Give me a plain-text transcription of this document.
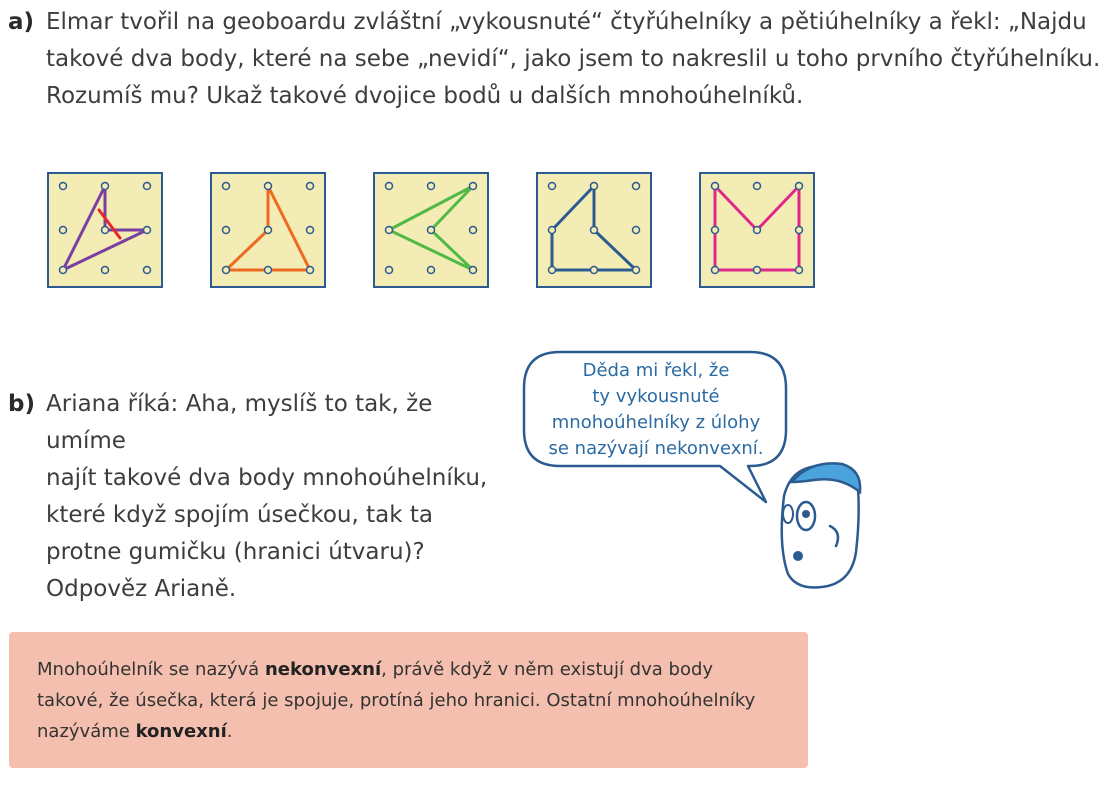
a) Elmar tvořil na geoboardu zvláštní „vykousnuté“ čtyřúhelníky a pětiúhelníky a řekl: „Najdu
takové dva body, které na sebe „nevidí“, jako jsem to nakreslil u toho prvního čtyřúhelníku.
Rozumíš mu? Ukaž takové dvojice bodů u dalších mnohoúhelníků.
b) Ariana říká: Aha, myslíš to tak, že umíme
najít takové dva body mnohoúhelníku,
které když spojím úsečkou, tak ta
protne gumičku (hranici útvaru)?
Odpověz Arianě.
Děda mi řekl, že
ty vykousnuté
mnohoúhelníky z úlohy
se nazývají nekonvexní.
Mnohoúhelník se nazývá nekonvexní, právě když v něm existují dva body takové, že úsečka, která je spojuje, protíná jeho hranici. Ostatní mnohoúhelníky nazýváme konvexní.
